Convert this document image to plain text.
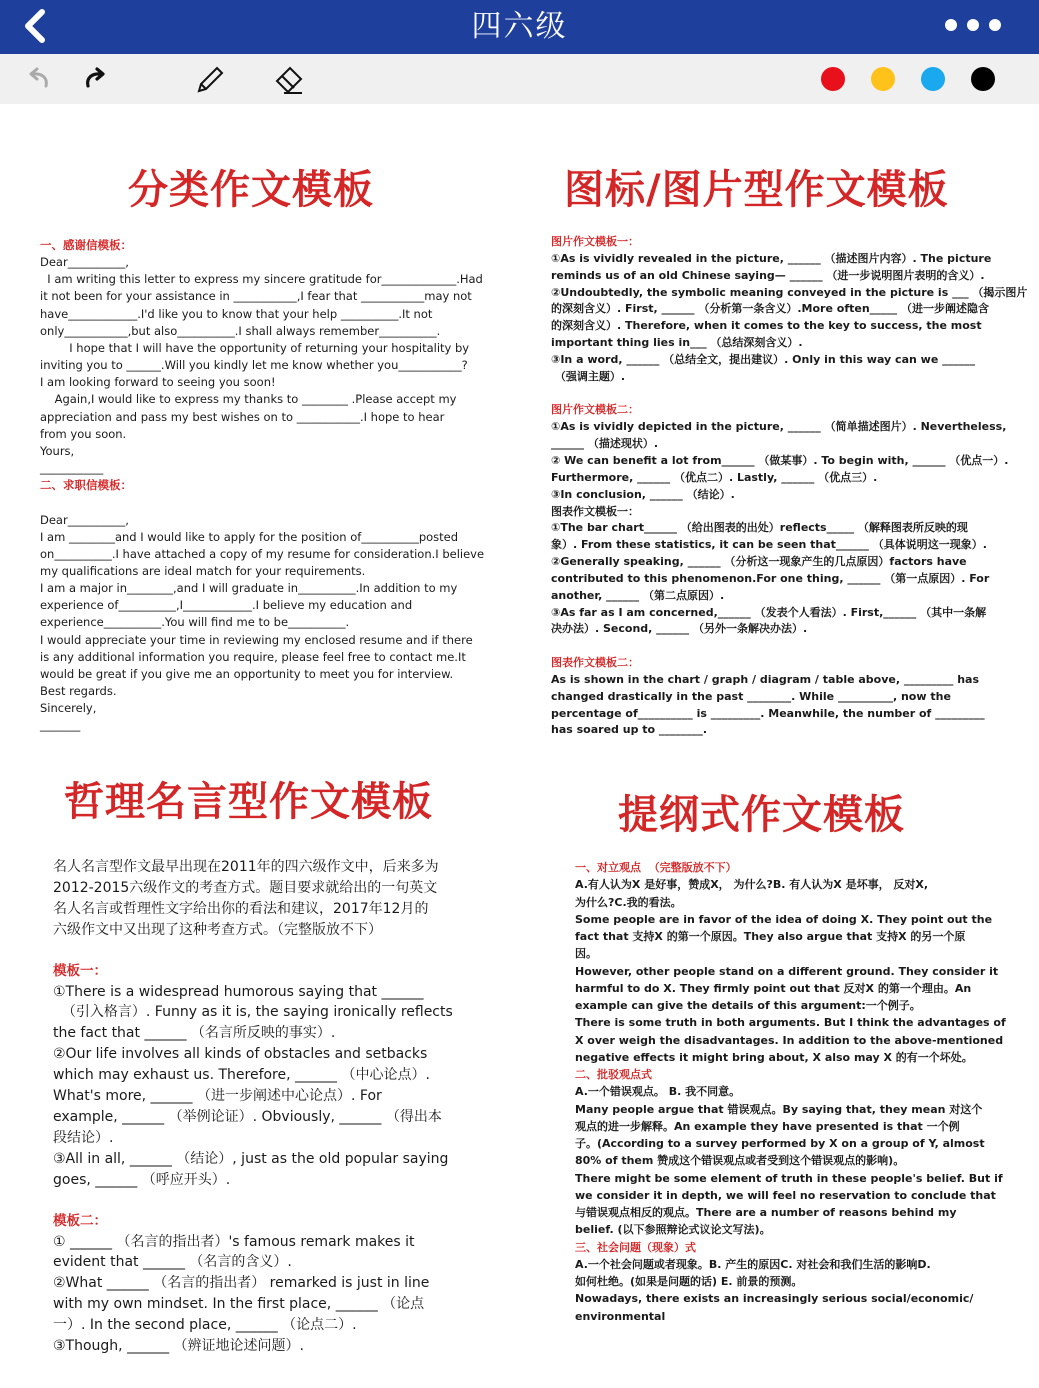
四六级
分类作文模板	图标/图片型作文模板
哲理名言型作文模板	提纲式作文模板

一、感谢信模板：

Dear__________,

I am writing this letter to express my sincere gratitude for_____________.Had

it not been for your assistance in ___________,I fear that ___________may not

have____________.I'd like you to know that your help __________.It not

only___________,but also__________.I shall always remember__________.

I hope that I will have the opportunity of returning your hospitality by

inviting you to ______.Will you kindly let me know whether you___________?

I am looking forward to seeing you soon!

Again,I would like to express my thanks to ________ .Please accept my

appreciation and pass my best wishes on to ___________.I hope to hear

from you soon.

Yours,

___________

二、求职信模板：

Dear__________,

I am ________and I would like to apply for the position of__________posted

on__________.I have attached a copy of my resume for consideration.I believe

my qualifications are ideal match for your requirements.

I am a major in________,and I will graduate in__________.In addition to my

experience of__________,I____________.I believe my education and

experience__________.You will find me to be__________.

I would appreciate your time in reviewing my enclosed resume and if there

is any additional information you require, please feel free to contact me.It

would be great if you give me an opportunity to meet you for interview.

Best regards.

Sincerely,

_______

图片作文模板一：

①As is vividly revealed in the picture, ______ （描述图片内容）. The picture

reminds us of an old Chinese saying— ______ （进一步说明图片表明的含义）.

②Undoubtedly, the symbolic meaning conveyed in the picture is ___ （揭示图片

的深刻含义）. First, ______ （分析第一条含义）.More often_____ （进一步阐述隐含

的深刻含义）. Therefore, when it comes to the key to success, the most

important thing lies in___ （总结深刻含义）.

③In a word, ______ （总结全文，提出建议）. Only in this way can we ______

（强调主题）.

图片作文模板二：

①As is vividly depicted in the picture, ______ （简单描述图片）. Nevertheless,

______ （描述现状）.

② We can benefit a lot from______ （做某事）. To begin with, ______ （优点一）.

Furthermore, ______ （优点二）. Lastly, ______ （优点三）.

③In conclusion, ______ （结论）.

图表作文模板一：

①The bar chart______ （给出图表的出处）reflects_____ （解释图表所反映的现

象）. From these statistics, it can be seen that______ （具体说明这一现象）.

②Generally speaking, ______ （分析这一现象产生的几点原因）factors have

contributed to this phenomenon.For one thing, ______ （第一点原因）. For

another, ______ （第二点原因）.

③As far as I am concerned,______ （发表个人看法）. First,______ （其中一条解

决办法）. Second, ______ （另外一条解决办法）.

图表作文模板二：

As is shown in the chart / graph / diagram / table above, _________ has

changed drastically in the past ________. While __________, now the

percentage of__________ is _________. Meanwhile, the number of _________

has soared up to ________.

名人名言型作文最早出现在2011年的四六级作文中，后来多为

2012-2015六级作文的考查方式。题目要求就给出的一句英文

名人名言或哲理性文字给出你的看法和建议，2017年12月的

六级作文中又出现了这种考查方式。（完整版放不下）

模板一：

①There is a widespread humorous saying that ______

（引入格言）. Funny as it is, the saying ironically reflects

the fact that ______ （名言所反映的事实）.

②Our life involves all kinds of obstacles and setbacks

which may exhaust us. Therefore, ______ （中心论点）.

What's more, ______ （进一步阐述中心论点）. For

example, ______ （举例论证）. Obviously, ______ （得出本

段结论）.

③All in all, ______ （结论）, just as the old popular saying

goes, ______ （呼应开头）.

模板二：

① ______ （名言的指出者）'s famous remark makes it

evident that ______ （名言的含义）.

②What ______ （名言的指出者） remarked is just in line

with my own mindset. In the first place, ______ （论点

一）. In the second place, ______ （论点二）.

③Though, ______ （辨证地论述问题）.

一、对立观点  （完整版放不下）

A.有人认为X 是好事，赞成X， 为什么?B. 有人认为X 是坏事， 反对X,

为什么?C.我的看法。

Some people are in favor of the idea of doing X. They point out the

fact that 支持X 的第一个原因。They also argue that 支持X 的另一个原

因。

However, other people stand on a different ground. They consider it

harmful to do X. They firmly point out that 反对X 的第一个理由。An

example can give the details of this argument:一个例子。

There is some truth in both arguments. But I think the advantages of

X over weigh the disadvantages. In addition to the above-mentioned

negative effects it might bring about, X also may X 的有一个坏处。

二、批驳观点式

A.一个错误观点。 B. 我不同意。

Many people argue that 错误观点。By saying that, they mean 对这个

观点的进一步解释。An example they have presented is that 一个例

子。(According to a survey performed by X on a group of Y, almost

80% of them 赞成这个错误观点或者受到这个错误观点的影响)。

There might be some element of truth in these people's belief. But if

we consider it in depth, we will feel no reservation to conclude that

与错误观点相反的观点。There are a number of reasons behind my

belief. (以下参照辩论式议论文写法)。

三、社会问题（现象）式

A.一个社会问题或者现象。B. 产生的原因C. 对社会和我们生活的影响D.

如何杜绝。(如果是问题的话) E. 前景的预测。

Nowadays, there exists an increasingly serious social/economic/

environmental
